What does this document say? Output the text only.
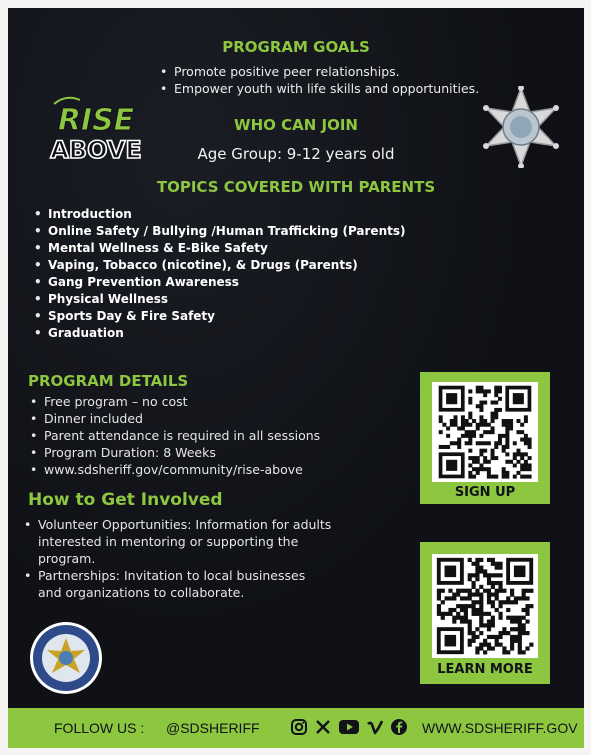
RISE
ABOVE
PROGRAM GOALS
• Promote positive peer relationships.
• Empower youth with life skills and opportunities.
WHO CAN JOIN
Age Group: 9-12 years old
TOPICS COVERED WITH PARENTS
• Introduction
• Online Safety / Bullying /Human Trafficking (Parents)
• Mental Wellness & E-Bike Safety
• Vaping, Tobacco (nicotine), & Drugs (Parents)
• Gang Prevention Awareness
• Physical Wellness
• Sports Day & Fire Safety
• Graduation
PROGRAM DETAILS
• Free program – no cost
• Dinner included
• Parent attendance is required in all sessions
• Program Duration: 8 Weeks
• www.sdsheriff.gov/community/rise-above
How to Get Involved
• Volunteer Opportunities: Information for adults interested in mentoring or supporting the program.
• Partnerships: Invitation to local businesses and organizations to collaborate.
SIGN UP
LEARN MORE
FOLLOW US : @SDSHERIFF	WWW.SDSHERIFF.GOV
